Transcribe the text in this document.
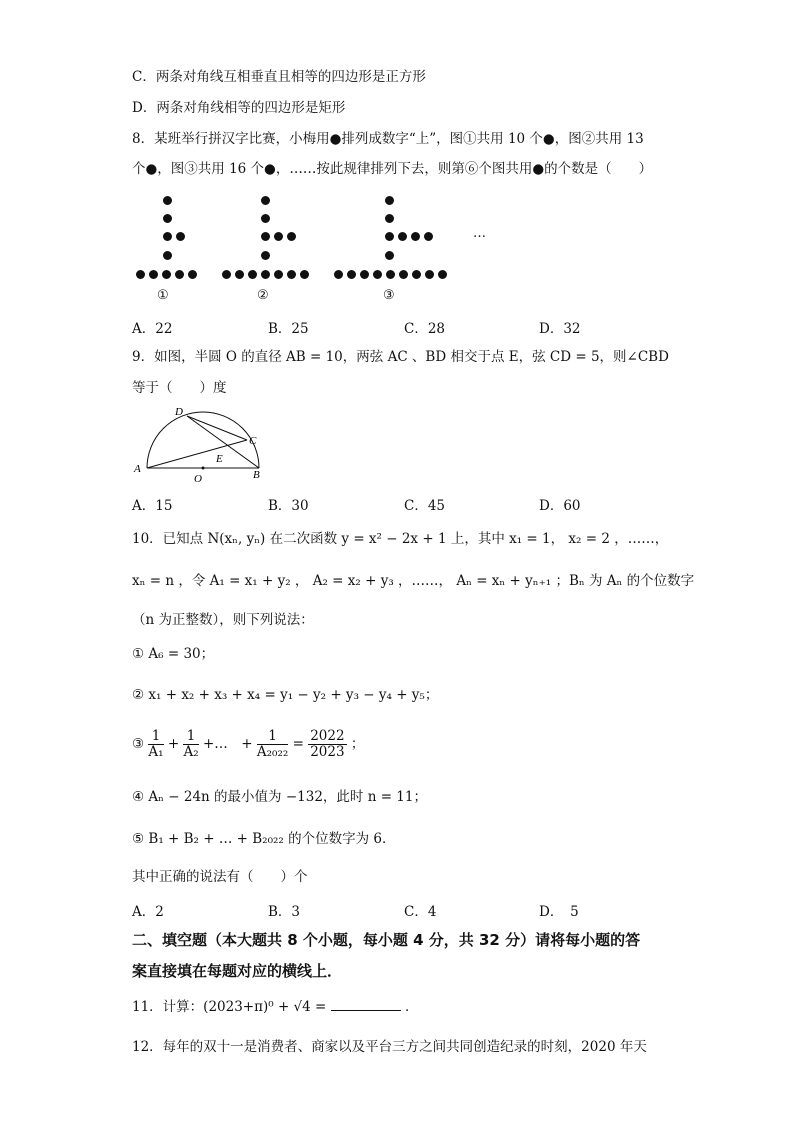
C．两条对角线互相垂直且相等的四边形是正方形
D．两条对角线相等的四边形是矩形
8．某班举行拼汉字比赛，小梅用●排列成数字“上”，图①共用 10 个●，图②共用 13
个●，图③共用 16 个●，……按此规律排列下去，则第⑥个图共用●的个数是（　　）
…
①	②	③
A．22	B．25	C．28	D．32
9．如图，半圆 O 的直径 AB = 10，两弦 AC 、BD 相交于点 E，弦 CD = 5，则∠CBD
等于（　　）度
A	B
C
D
E
O
A．15	B．30	C．45	D．60
10．已知点 N(xₙ, yₙ) 在二次函数 y = x² − 2x + 1 上，其中 x₁ = 1， x₂ = 2 ，……，
xₙ = n ，令 A₁ = x₁ + y₂ ， A₂ = x₂ + y₃ ，……， Aₙ = xₙ + yₙ₊₁ ；Bₙ 为 Aₙ 的个位数字
（n 为正整数），则下列说法：
① A₆ = 30；
② x₁ + x₂ + x₃ + x₄ = y₁ − y₂ + y₃ − y₄ + y₅；
③ $\frac{1}{\text{A₁}} + \frac{1}{\text{A₂}}$ +…　+ $\frac{1}{\text{A₂₀₂₂}} = \frac{2022}{2023}$ ；
④ Aₙ − 24n 的最小值为 −132，此时 n = 11；
⑤ B₁ + B₂ + … + B₂₀₂₂ 的个位数字为 6．
其中正确的说法有（　　）个
A．2	B．3	C．4	D．　5
二、填空题（本大题共 8 个小题，每小题 4 分，共 32 分）请将每小题的答
案直接填在每题对应的横线上．
11．计算：(2023+π)⁰ + √4 =	．
12．每年的双十一是消费者、商家以及平台三方之间共同创造纪录的时刻，2020 年天
